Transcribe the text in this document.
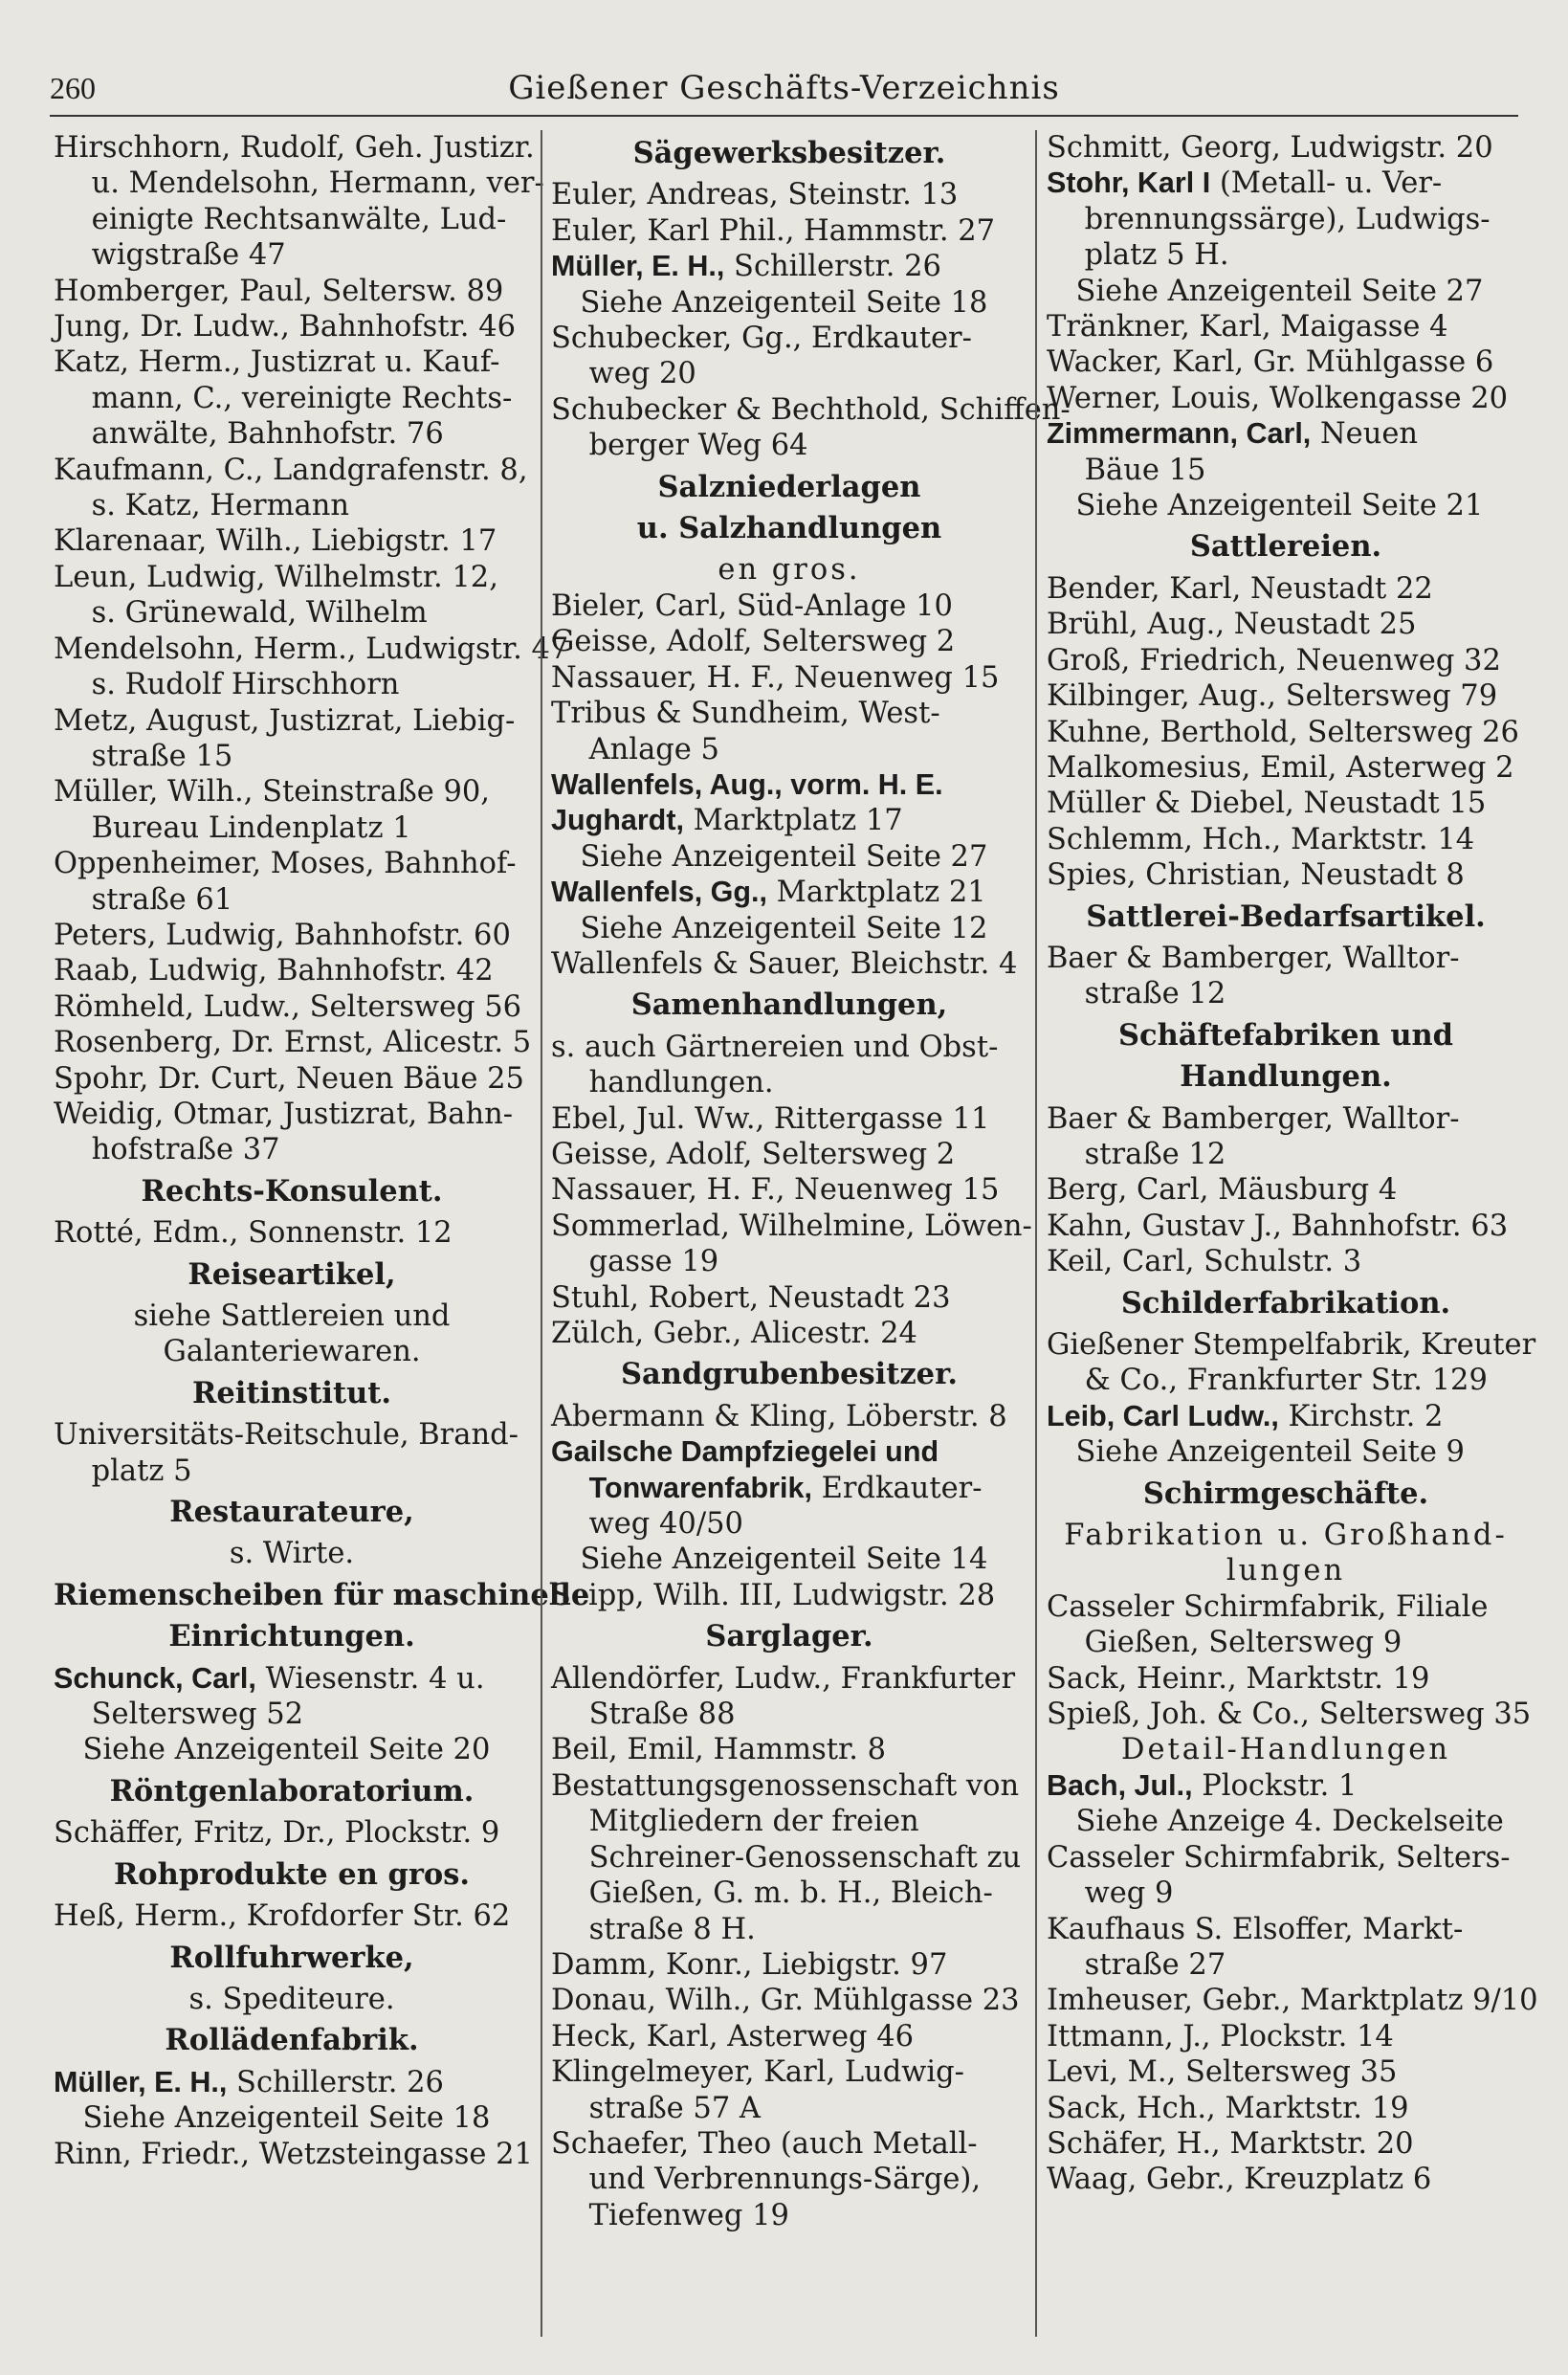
260	Gießener Geschäfts-Verzeichnis
Hirschhorn, Rudolf, Geh. Justizr.
u. Mendelsohn, Hermann, ver-
einigte Rechtsanwälte, Lud-
wigstraße 47
Homberger, Paul, Seltersw. 89
Jung, Dr. Ludw., Bahnhofstr. 46
Katz, Herm., Justizrat u. Kauf-
mann, C., vereinigte Rechts-
anwälte, Bahnhofstr. 76
Kaufmann, C., Landgrafenstr. 8,
s. Katz, Hermann
Klarenaar, Wilh., Liebigstr. 17
Leun, Ludwig, Wilhelmstr. 12,
s. Grünewald, Wilhelm
Mendelsohn, Herm., Ludwigstr. 47
s. Rudolf Hirschhorn
Metz, August, Justizrat, Liebig-
straße 15
Müller, Wilh., Steinstraße 90,
Bureau Lindenplatz 1
Oppenheimer, Moses, Bahnhof-
straße 61
Peters, Ludwig, Bahnhofstr. 60
Raab, Ludwig, Bahnhofstr. 42
Römheld, Ludw., Seltersweg 56
Rosenberg, Dr. Ernst, Alicestr. 5
Spohr, Dr. Curt, Neuen Bäue 25
Weidig, Otmar, Justizrat, Bahn-
hofstraße 37
Rechts-Konsulent.
Rotté, Edm., Sonnenstr. 12
Reiseartikel,
siehe Sattlereien und
Galanteriewaren.
Reitinstitut.
Universitäts-Reitschule, Brand-
platz 5
Restaurateure,
s. Wirte.
Riemenscheiben für maschinelle
Einrichtungen.
Schunck, Carl, Wiesenstr. 4 u.
Seltersweg 52
Siehe Anzeigenteil Seite 20
Röntgenlaboratorium.
Schäffer, Fritz, Dr., Plockstr. 9
Rohprodukte en gros.
Heß, Herm., Krofdorfer Str. 62
Rollfuhrwerke,
s. Spediteure.
Rollädenfabrik.
Müller, E. H., Schillerstr. 26
Siehe Anzeigenteil Seite 18
Rinn, Friedr., Wetzsteingasse 21
Sägewerksbesitzer.
Euler, Andreas, Steinstr. 13
Euler, Karl Phil., Hammstr. 27
Müller, E. H., Schillerstr. 26
Siehe Anzeigenteil Seite 18
Schubecker, Gg., Erdkauter-
weg 20
Schubecker & Bechthold, Schiffen-
berger Weg 64
Salzniederlagen
u. Salzhandlungen
en gros.
Bieler, Carl, Süd-Anlage 10
Geisse, Adolf, Seltersweg 2
Nassauer, H. F., Neuenweg 15
Tribus & Sundheim, West-
Anlage 5
Wallenfels, Aug., vorm. H. E.
Jughardt, Marktplatz 17
Siehe Anzeigenteil Seite 27
Wallenfels, Gg., Marktplatz 21
Siehe Anzeigenteil Seite 12
Wallenfels & Sauer, Bleichstr. 4
Samenhandlungen,
s. auch Gärtnereien und Obst-
handlungen.
Ebel, Jul. Ww., Rittergasse 11
Geisse, Adolf, Seltersweg 2
Nassauer, H. F., Neuenweg 15
Sommerlad, Wilhelmine, Löwen-
gasse 19
Stuhl, Robert, Neustadt 23
Zülch, Gebr., Alicestr. 24
Sandgrubenbesitzer.
Abermann & Kling, Löberstr. 8
Gailsche Dampfziegelei und
Tonwarenfabrik, Erdkauter-
weg 40/50
Siehe Anzeigenteil Seite 14
Seipp, Wilh. III, Ludwigstr. 28
Sarglager.
Allendörfer, Ludw., Frankfurter
Straße 88
Beil, Emil, Hammstr. 8
Bestattungsgenossenschaft von
Mitgliedern der freien
Schreiner-Genossenschaft zu
Gießen, G. m. b. H., Bleich-
straße 8 H.
Damm, Konr., Liebigstr. 97
Donau, Wilh., Gr. Mühlgasse 23
Heck, Karl, Asterweg 46
Klingelmeyer, Karl, Ludwig-
straße 57 A
Schaefer, Theo (auch Metall-
und Verbrennungs-Särge),
Tiefenweg 19
Schmitt, Georg, Ludwigstr. 20
Stohr, Karl I (Metall- u. Ver-
brennungssärge), Ludwigs-
platz 5 H.
Siehe Anzeigenteil Seite 27
Tränkner, Karl, Maigasse 4
Wacker, Karl, Gr. Mühlgasse 6
Werner, Louis, Wolkengasse 20
Zimmermann, Carl, Neuen
Bäue 15
Siehe Anzeigenteil Seite 21
Sattlereien.
Bender, Karl, Neustadt 22
Brühl, Aug., Neustadt 25
Groß, Friedrich, Neuenweg 32
Kilbinger, Aug., Seltersweg 79
Kuhne, Berthold, Seltersweg 26
Malkomesius, Emil, Asterweg 2
Müller & Diebel, Neustadt 15
Schlemm, Hch., Marktstr. 14
Spies, Christian, Neustadt 8
Sattlerei-Bedarfsartikel.
Baer & Bamberger, Walltor-
straße 12
Schäftefabriken und
Handlungen.
Baer & Bamberger, Walltor-
straße 12
Berg, Carl, Mäusburg 4
Kahn, Gustav J., Bahnhofstr. 63
Keil, Carl, Schulstr. 3
Schilderfabrikation.
Gießener Stempelfabrik, Kreuter
& Co., Frankfurter Str. 129
Leib, Carl Ludw., Kirchstr. 2
Siehe Anzeigenteil Seite 9
Schirmgeschäfte.
Fabrikation u. Großhand-
lungen
Casseler Schirmfabrik, Filiale
Gießen, Seltersweg 9
Sack, Heinr., Marktstr. 19
Spieß, Joh. & Co., Seltersweg 35
Detail-Handlungen
Bach, Jul., Plockstr. 1
Siehe Anzeige 4. Deckelseite
Casseler Schirmfabrik, Selters-
weg 9
Kaufhaus S. Elsoffer, Markt-
straße 27
Imheuser, Gebr., Marktplatz 9/10
Ittmann, J., Plockstr. 14
Levi, M., Seltersweg 35
Sack, Hch., Marktstr. 19
Schäfer, H., Marktstr. 20
Waag, Gebr., Kreuzplatz 6
